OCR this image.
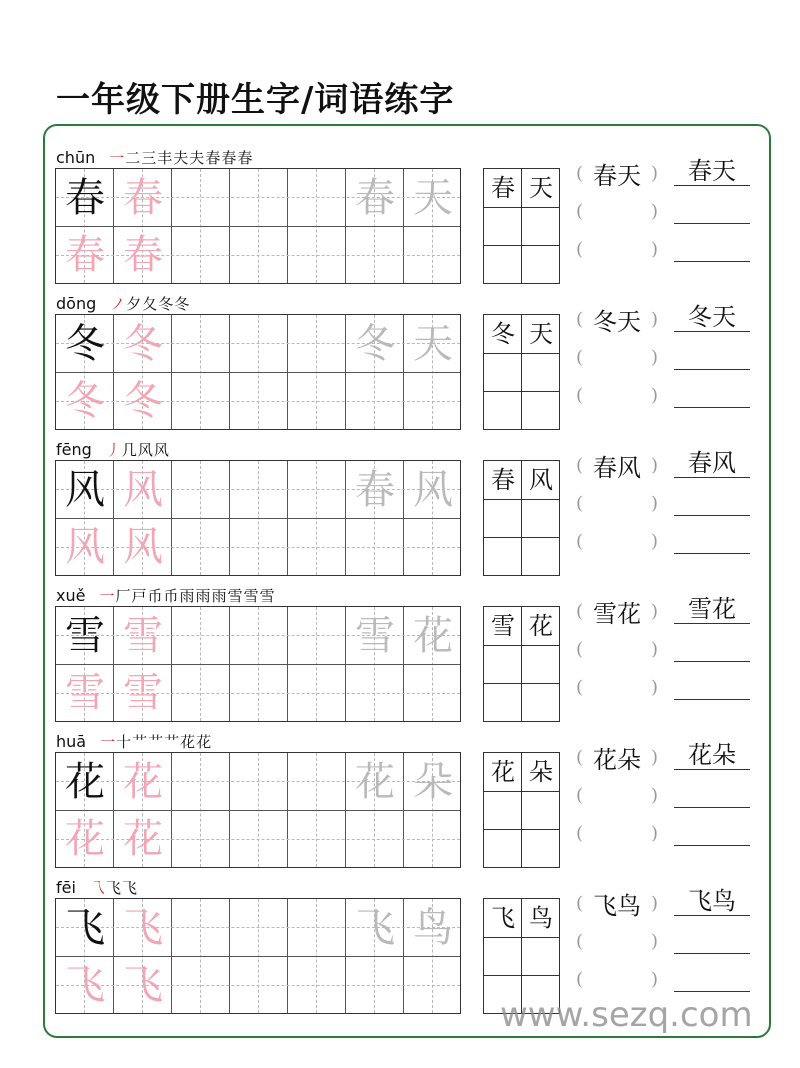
一年级下册生字/词语练字
chūn 一 二 三 丰 夫 夫 春 春 春
春 春
春 春
春 天	春 天
( 春天 )
(	)
(	)
春天
dōng ノ 夕 夂 冬 冬
冬 冬
冬 冬
冬 天	冬 天
( 冬天 )
(	)
(	)
冬天
fēng 丿 几 风 风
风 风
风 风
春 风	春 风
( 春风 )
(	)
(	)
春风
xuě 一 厂 戸 币 币 雨 雨 雨 雪 雪 雪
雪 雪
雪 雪
雪 花	雪 花
( 雪花 )
(	)
(	)
雪花
huā 一 十 艹 艹 艹 花 花
花 花
花 花
花 朵	花 朵
( 花朵 )
(	)
(	)
花朵
fēi 乁 飞 飞
飞 飞
飞 飞
飞 鸟	飞 鸟
( 飞鸟 )
(	)
(	)
飞鸟
www.sezq.com
